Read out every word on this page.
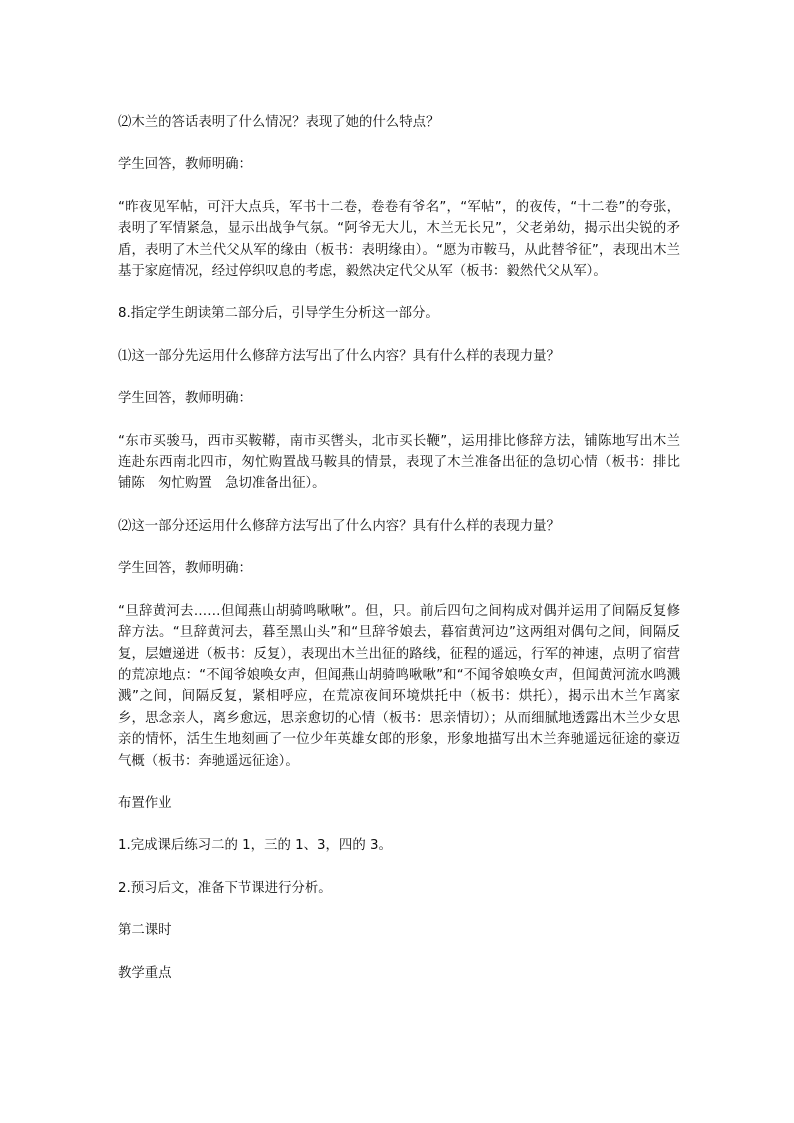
⑵木兰的答话表明了什么情况？表现了她的什么特点？

学生回答，教师明确：

“昨夜见军帖，可汗大点兵，军书十二卷，卷卷有爷名”，“军帖”，的夜传，“十二卷”的夸张，表明了军情紧急，显示出战争气氛。“阿爷无大儿，木兰无长兄”，父老弟幼，揭示出尖锐的矛盾，表明了木兰代父从军的缘由（板书：表明缘由）。“愿为市鞍马，从此替爷征”，表现出木兰基于家庭情况，经过停织叹息的考虑，毅然决定代父从军（板书：毅然代父从军）。

8.指定学生朗读第二部分后，引导学生分析这一部分。

⑴这一部分先运用什么修辞方法写出了什么内容？具有什么样的表现力量？

学生回答，教师明确：

“东市买骏马，西市买鞍鞯，南市买辔头，北市买长鞭”，运用排比修辞方法，铺陈地写出木兰连赴东西南北四市，匆忙购置战马鞍具的情景，表现了木兰准备出征的急切心情（板书：排比铺陈　匆忙购置　急切准备出征）。

⑵这一部分还运用什么修辞方法写出了什么内容？具有什么样的表现力量？

学生回答，教师明确：

“旦辞黄河去……但闻燕山胡骑鸣啾啾”。但，只。前后四句之间构成对偶并运用了间隔反复修辞方法。“旦辞黄河去，暮至黑山头”和“旦辞爷娘去，暮宿黄河边”这两组对偶句之间，间隔反复，层嬗递进（板书：反复），表现出木兰出征的路线，征程的遥远，行军的神速，点明了宿营的荒凉地点：“不闻爷娘唤女声，但闻燕山胡骑鸣啾啾”和“不闻爷娘唤女声，但闻黄河流水鸣溅溅”之间，间隔反复，紧相呼应，在荒凉夜间环境烘托中（板书：烘托），揭示出木兰乍离家乡，思念亲人，离乡愈远，思亲愈切的心情（板书：思亲情切）；从而细腻地透露出木兰少女思亲的情怀，活生生地刻画了一位少年英雄女郎的形象，形象地描写出木兰奔驰遥远征途的豪迈气概（板书：奔驰遥远征途）。

布置作业

1.完成课后练习二的 1，三的 1、3，四的 3。

2.预习后文，准备下节课进行分析。

第二课时

教学重点
